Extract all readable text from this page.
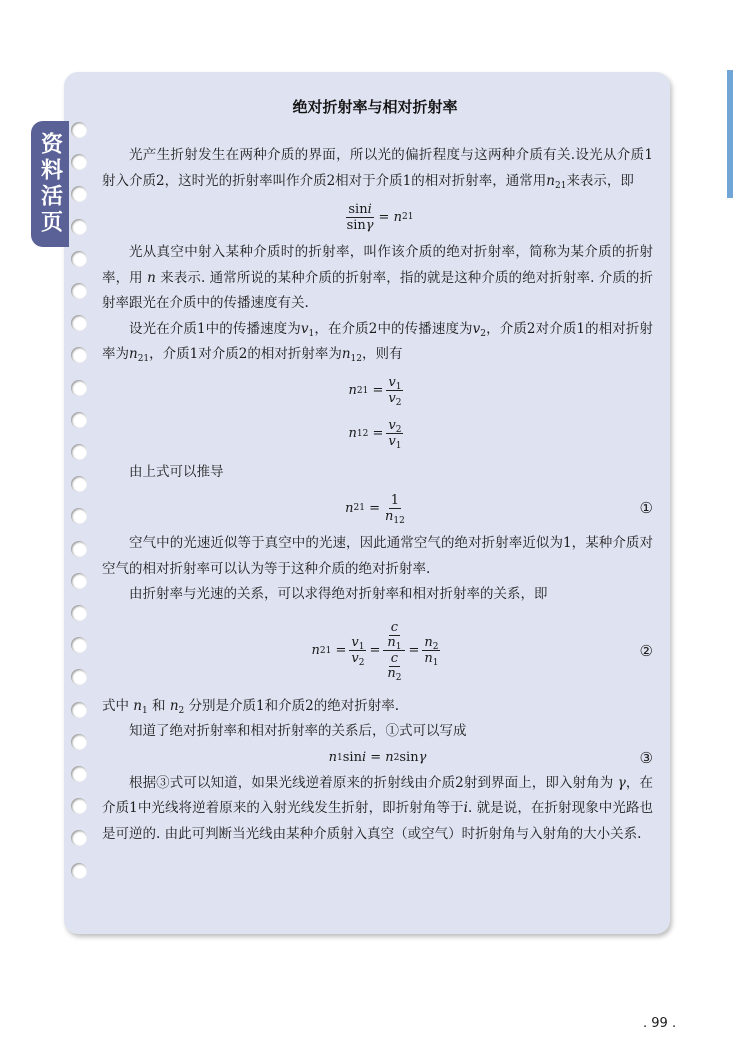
资料活页
绝对折射率与相对折射率

光产生折射发生在两种介质的界面，所以光的偏折程度与这两种介质有关.设光从介质1射入介质2，这时光的折射率叫作介质2相对于介质1的相对折射率，通常用$n_{21}$来表示，即

$\frac{\sin i}{\sin\gamma} = n$ 21

光从真空中射入某种介质时的折射率，叫作该介质的绝对折射率，简称为某介质的折射率，用 n 来表示. 通常所说的某种介质的折射率，指的就是这种介质的绝对折射率. 介质的折射率跟光在介质中的传播速度有关.

设光在介质1中的传播速度为$v_1$，在介质2中的传播速度为$v_2$，介质2对介质1的相对折射率为$n_{21}$，介质1对介质2的相对折射率为$n_{12}$，则有

n $21 = \frac{v_1}{v_2}$
n $12 = \frac{v_2}{v_1}$

由上式可以推导

n $21 = \frac{1}{n_{12}}$	①

空气中的光速近似等于真空中的光速，因此通常空气的绝对折射率近似为1，某种介质对空气的相对折射率可以认为等于这种介质的绝对折射率.

由折射率与光速的关系，可以求得绝对折射率和相对折射率的关系，即

n $21 = \frac{v_1}{v_2} = \frac{\frac{c}{n_1}}{\frac{c}{n_2}} = \frac{n_2}{n_1}$	②

式中 $n_1$ 和 $n_2$ 分别是介质1和介质2的绝对折射率.

知道了绝对折射率和相对折射率的关系后，①式可以写成

n 1 sin i = n 2 sin γ	③

根据③式可以知道，如果光线逆着原来的折射线由介质2射到界面上，即入射角为 γ，在介质1中光线将逆着原来的入射光线发生折射，即折射角等于i. 就是说，在折射现象中光路也是可逆的. 由此可判断当光线由某种介质射入真空（或空气）时折射角与入射角的大小关系.

. 99 .
